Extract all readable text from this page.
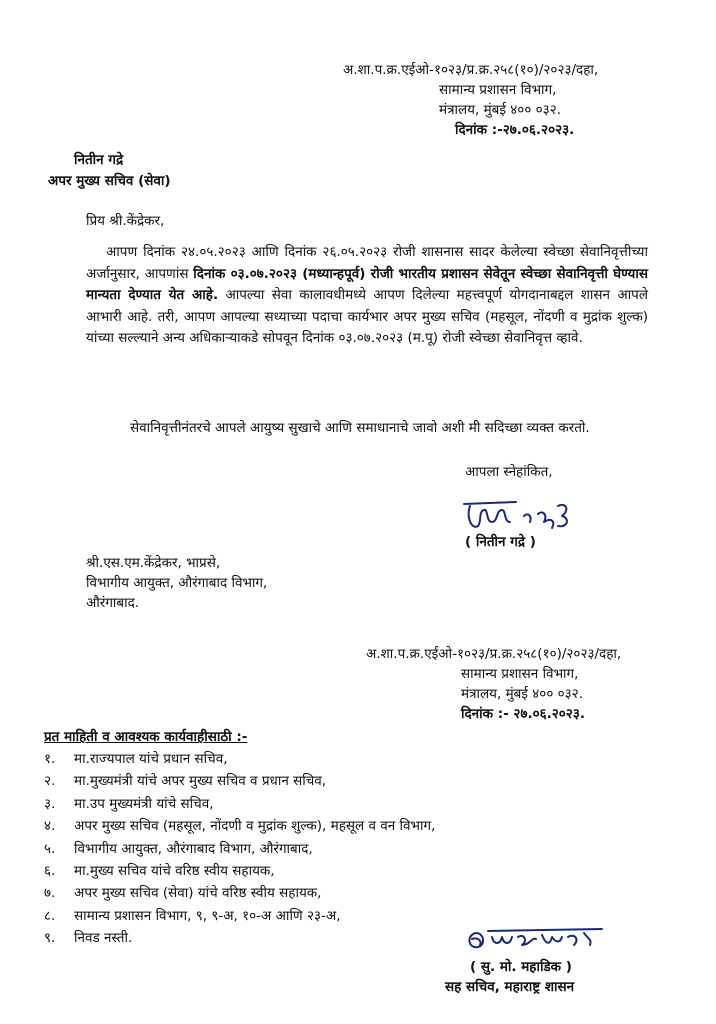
अ.शा.प.क्र.एईओ-१०२३/प्र.क्र.२५८(१०)/२०२३/दहा,
सामान्य प्रशासन विभाग,
मंत्रालय, मुंबई ४०० ०३२.
दिनांक :-२७.०६.२०२३.
नितीन गद्रे
अपर मुख्य सचिव (सेवा)
प्रिय श्री.केंद्रेकर,
आपण दिनांक २४.०५.२०२३ आणि दिनांक २६.०५.२०२३ रोजी शासनास सादर केलेल्या स्वेच्छा सेवानिवृत्तीच्या अर्जानुसार, आपणांस दिनांक ०३.०७.२०२३ (मध्यान्हपूर्व) रोजी भारतीय प्रशासन सेवेतून स्वेच्छा सेवानिवृत्ती घेण्यास मान्यता देण्यात येत आहे. आपल्या सेवा कालावधीमध्ये आपण दिलेल्या महत्त्वपूर्ण योगदानाबद्दल शासन आपले आभारी आहे. तरी, आपण आपल्या सध्याच्या पदाचा कार्यभार अपर मुख्य सचिव (महसूल, नोंदणी व मुद्रांक शुल्क) यांच्या सल्ल्याने अन्य अधिकाऱ्याकडे सोपवून दिनांक ०३.०७.२०२३ (म.पू) रोजी स्वेच्छा सेवानिवृत्त व्हावे.
सेवानिवृत्तीनंतरचे आपले आयुष्य सुखाचे आणि समाधानाचे जावो अशी मी सदिच्छा व्यक्त करतो.
आपला स्नेहांकित,
( नितीन गद्रे )
श्री.एस.एम.केंद्रेकर, भाप्रसे,
विभागीय आयुक्त, औरंगाबाद विभाग,
औरंगाबाद.
अ.शा.प.क्र.एईओ-१०२३/प्र.क्र.२५८(१०)/२०२३/दहा,
सामान्य प्रशासन विभाग,
मंत्रालय, मुंबई ४०० ०३२.
दिनांक :- २७.०६.२०२३.
प्रत माहिती व आवश्यक कार्यवाहीसाठी :-
१. मा.राज्यपाल यांचे प्रधान सचिव,
२. मा.मुख्यमंत्री यांचे अपर मुख्य सचिव व प्रधान सचिव,
३. मा.उप मुख्यमंत्री यांचे सचिव,
४. अपर मुख्य सचिव (महसूल, नोंदणी व मुद्रांक शुल्क), महसूल व वन विभाग,
५. विभागीय आयुक्त, औरंगाबाद विभाग, औरंगाबाद,
६. मा.मुख्य सचिव यांचे वरिष्ठ स्वीय सहायक,
७. अपर मुख्य सचिव (सेवा) यांचे वरिष्ठ स्वीय सहायक,
८. सामान्य प्रशासन विभाग, ९, ९-अ, १०-अ आणि २३-अ,
९. निवड नस्ती.
( सु. मो. महाडिक )
सह सचिव, महाराष्ट्र शासन
